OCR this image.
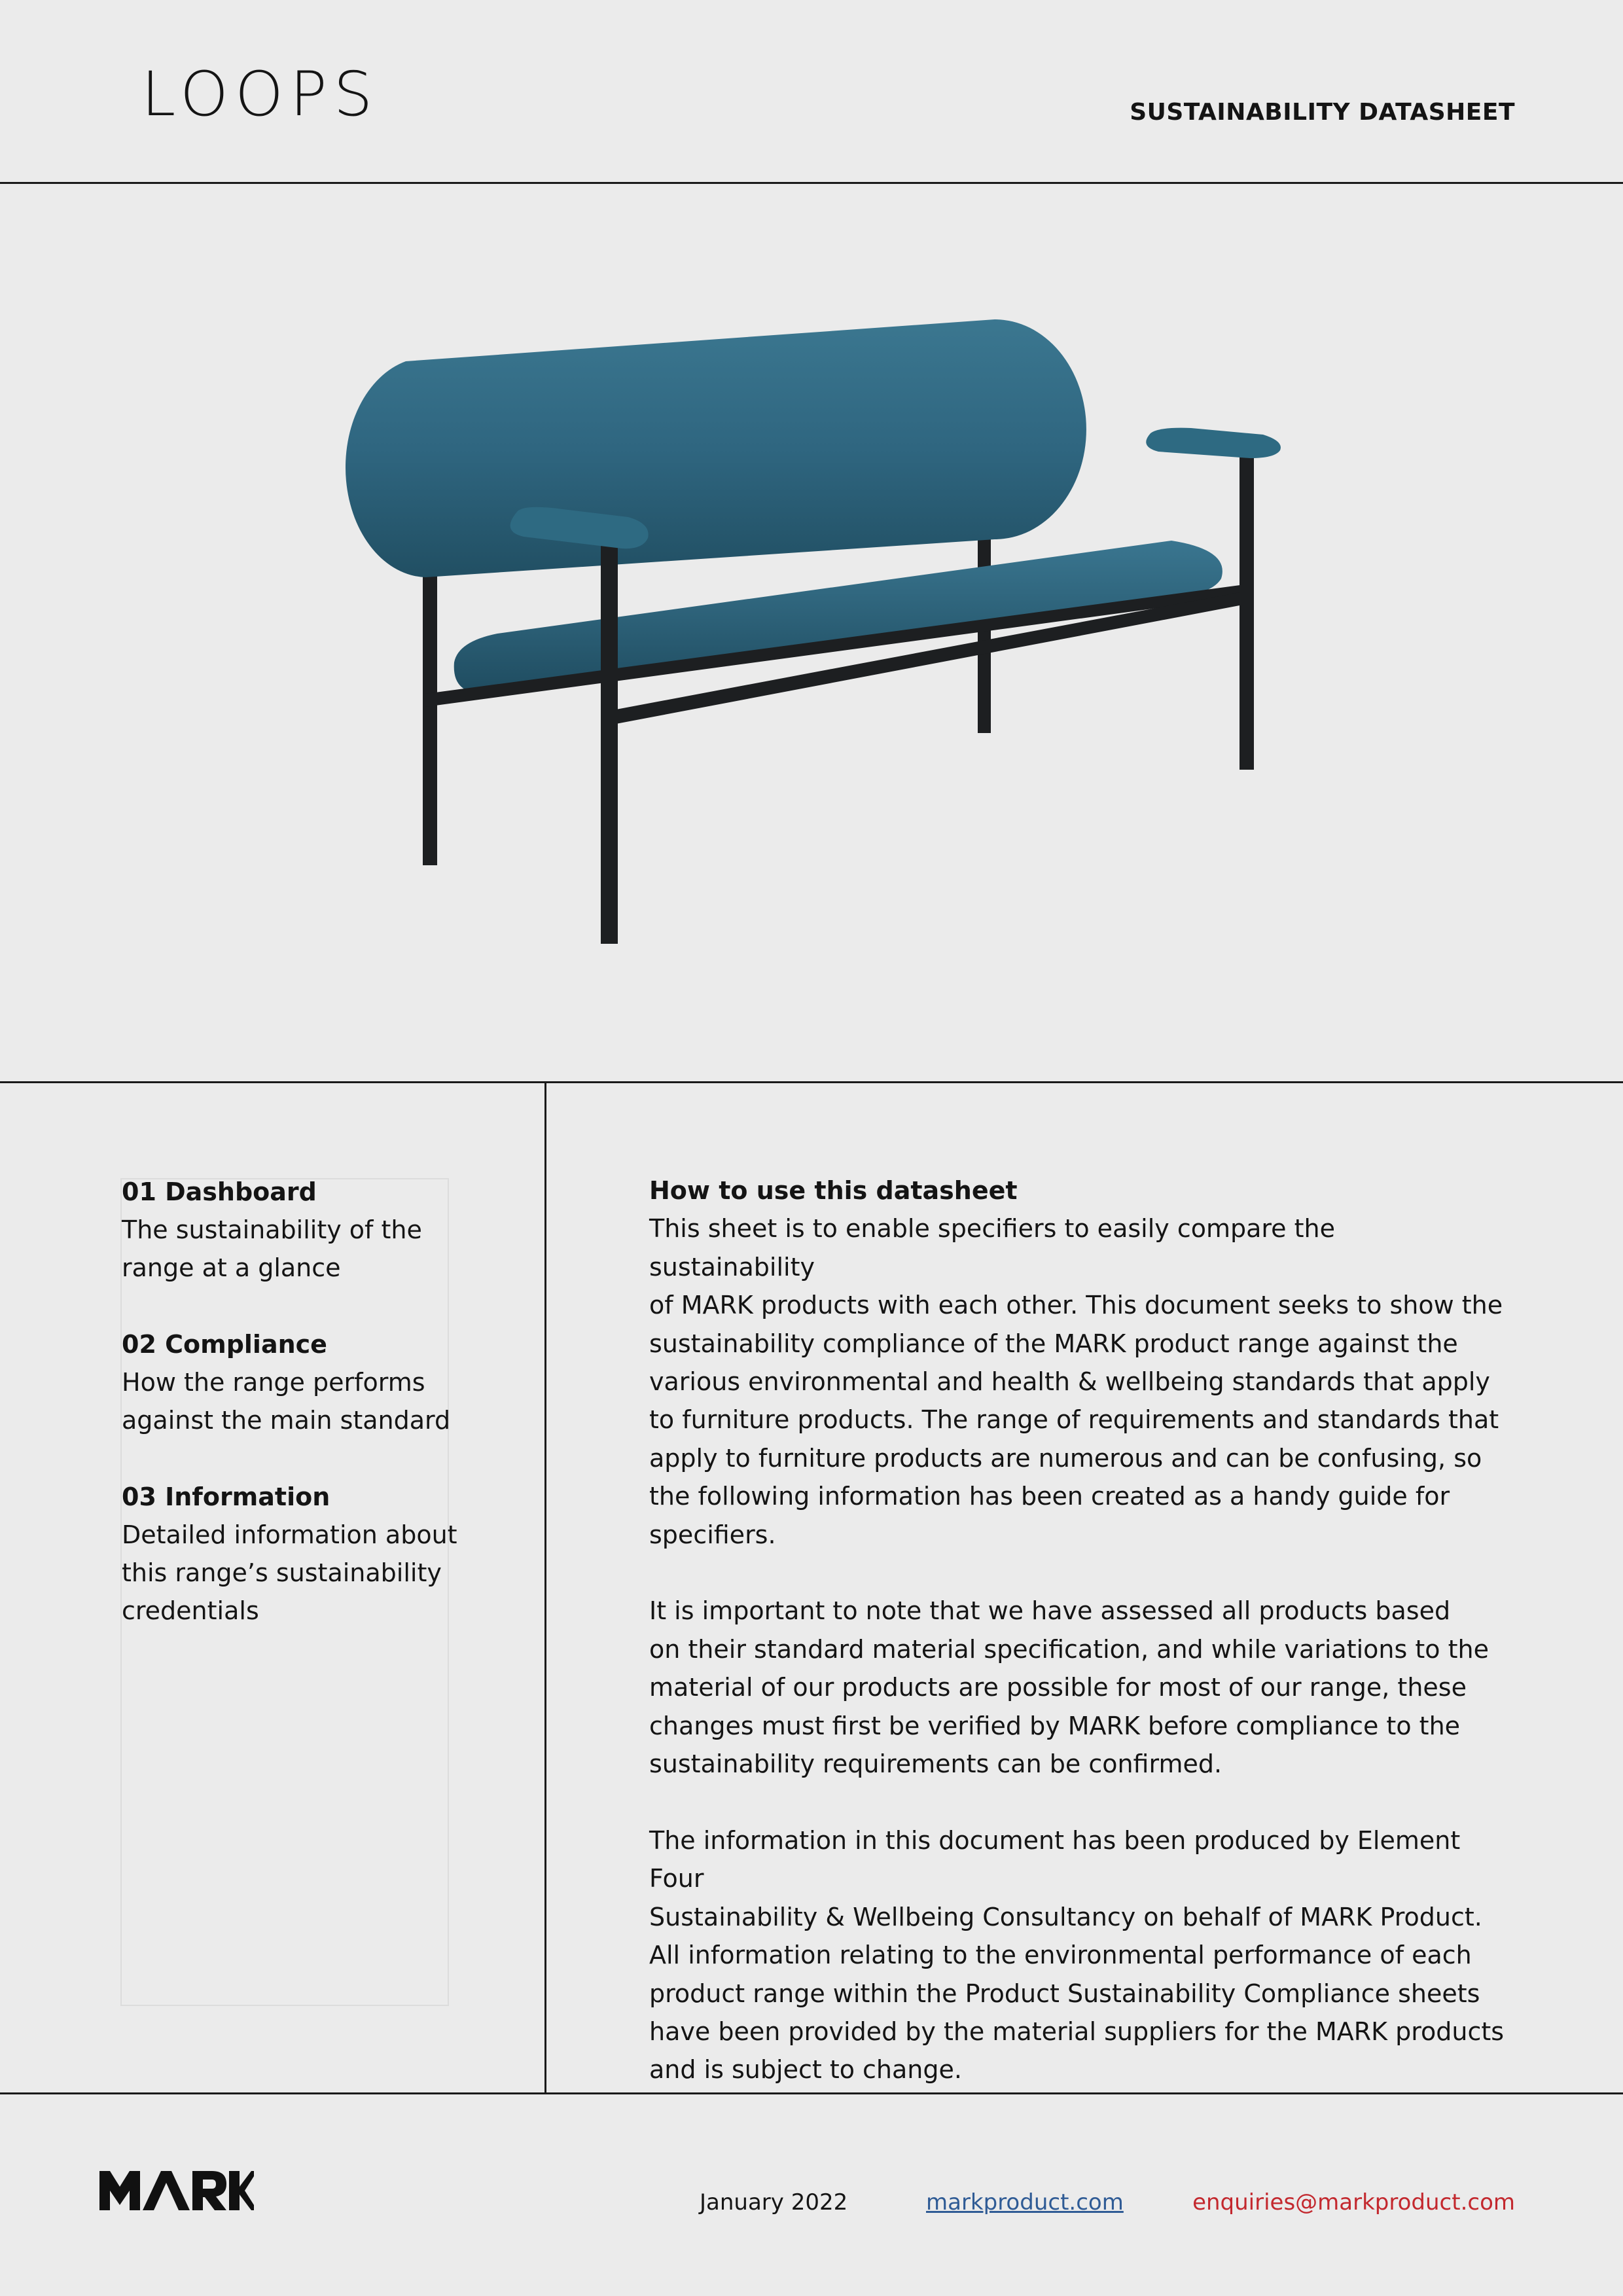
LOOPS	SUSTAINABILITY DATASHEET
01 Dashboard
The sustainability of the
range at a glance
02 Compliance
How the range performs
against the main standard
03 Information
Detailed information about
this range’s sustainability
credentials
How to use this datasheet

This sheet is to enable specifiers to easily compare the sustainability
of MARK products with each other. This document seeks to show the
sustainability compliance of the MARK product range against the
various environmental and health & wellbeing standards that apply
to furniture products. The range of requirements and standards that
apply to furniture products are numerous and can be confusing, so
the following information has been created as a handy guide for
specifiers.

It is important to note that we have assessed all products based
on their standard material specification, and while variations to the
material of our products are possible for most of our range, these
changes must first be verified by MARK before compliance to the
sustainability requirements can be confirmed.

The information in this document has been produced by Element Four
Sustainability & Wellbeing Consultancy on behalf of MARK Product.
All information relating to the environmental performance of each
product range within the Product Sustainability Compliance sheets
have been provided by the material suppliers for the MARK products
and is subject to change.

January 2022	markproduct.com	enquiries@markproduct.com
